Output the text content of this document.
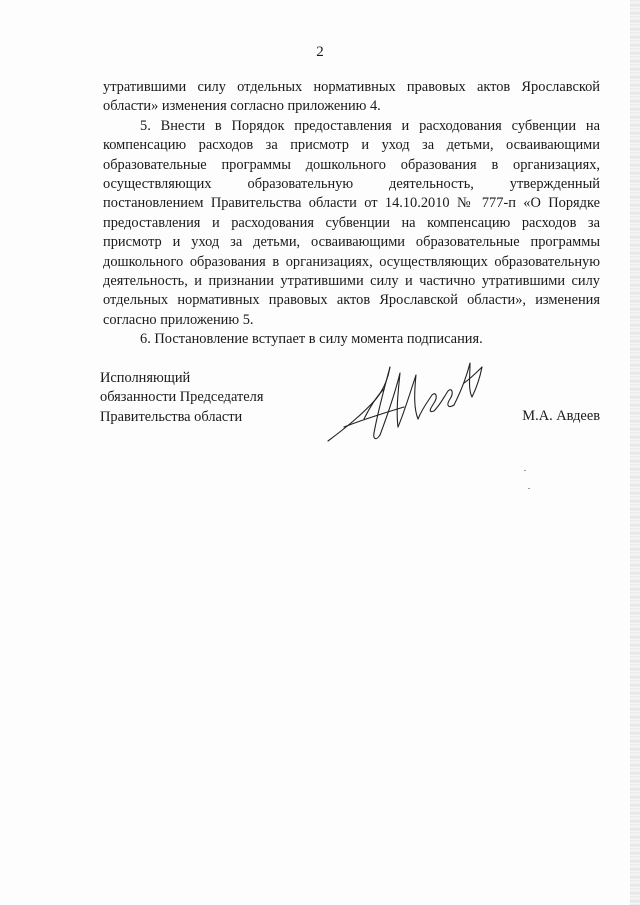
2

утратившими силу отдельных нормативных правовых актов Ярославской области» изменения согласно приложению 4.

5. Внести в Порядок предоставления и расходования субвенции на компенсацию расходов за присмотр и уход за детьми, осваивающими образовательные программы дошкольного образования в организациях, осуществляющих образовательную деятельность, утвержденный постановлением Правительства области от 14.10.2010 № 777-п «О Порядке предоставления и расходования субвенции на компенсацию расходов за присмотр и уход за детьми, осваивающими образовательные программы дошкольного образования в организациях, осуществляющих образовательную деятельность, и признании утратившими силу и частично утратившими силу отдельных нормативных правовых актов Ярославской области», изменения согласно приложению 5.

6. Постановление вступает в силу момента подписания.

Исполняющий
обязанности Председателя
Правительства области	М.А. Авдеев
